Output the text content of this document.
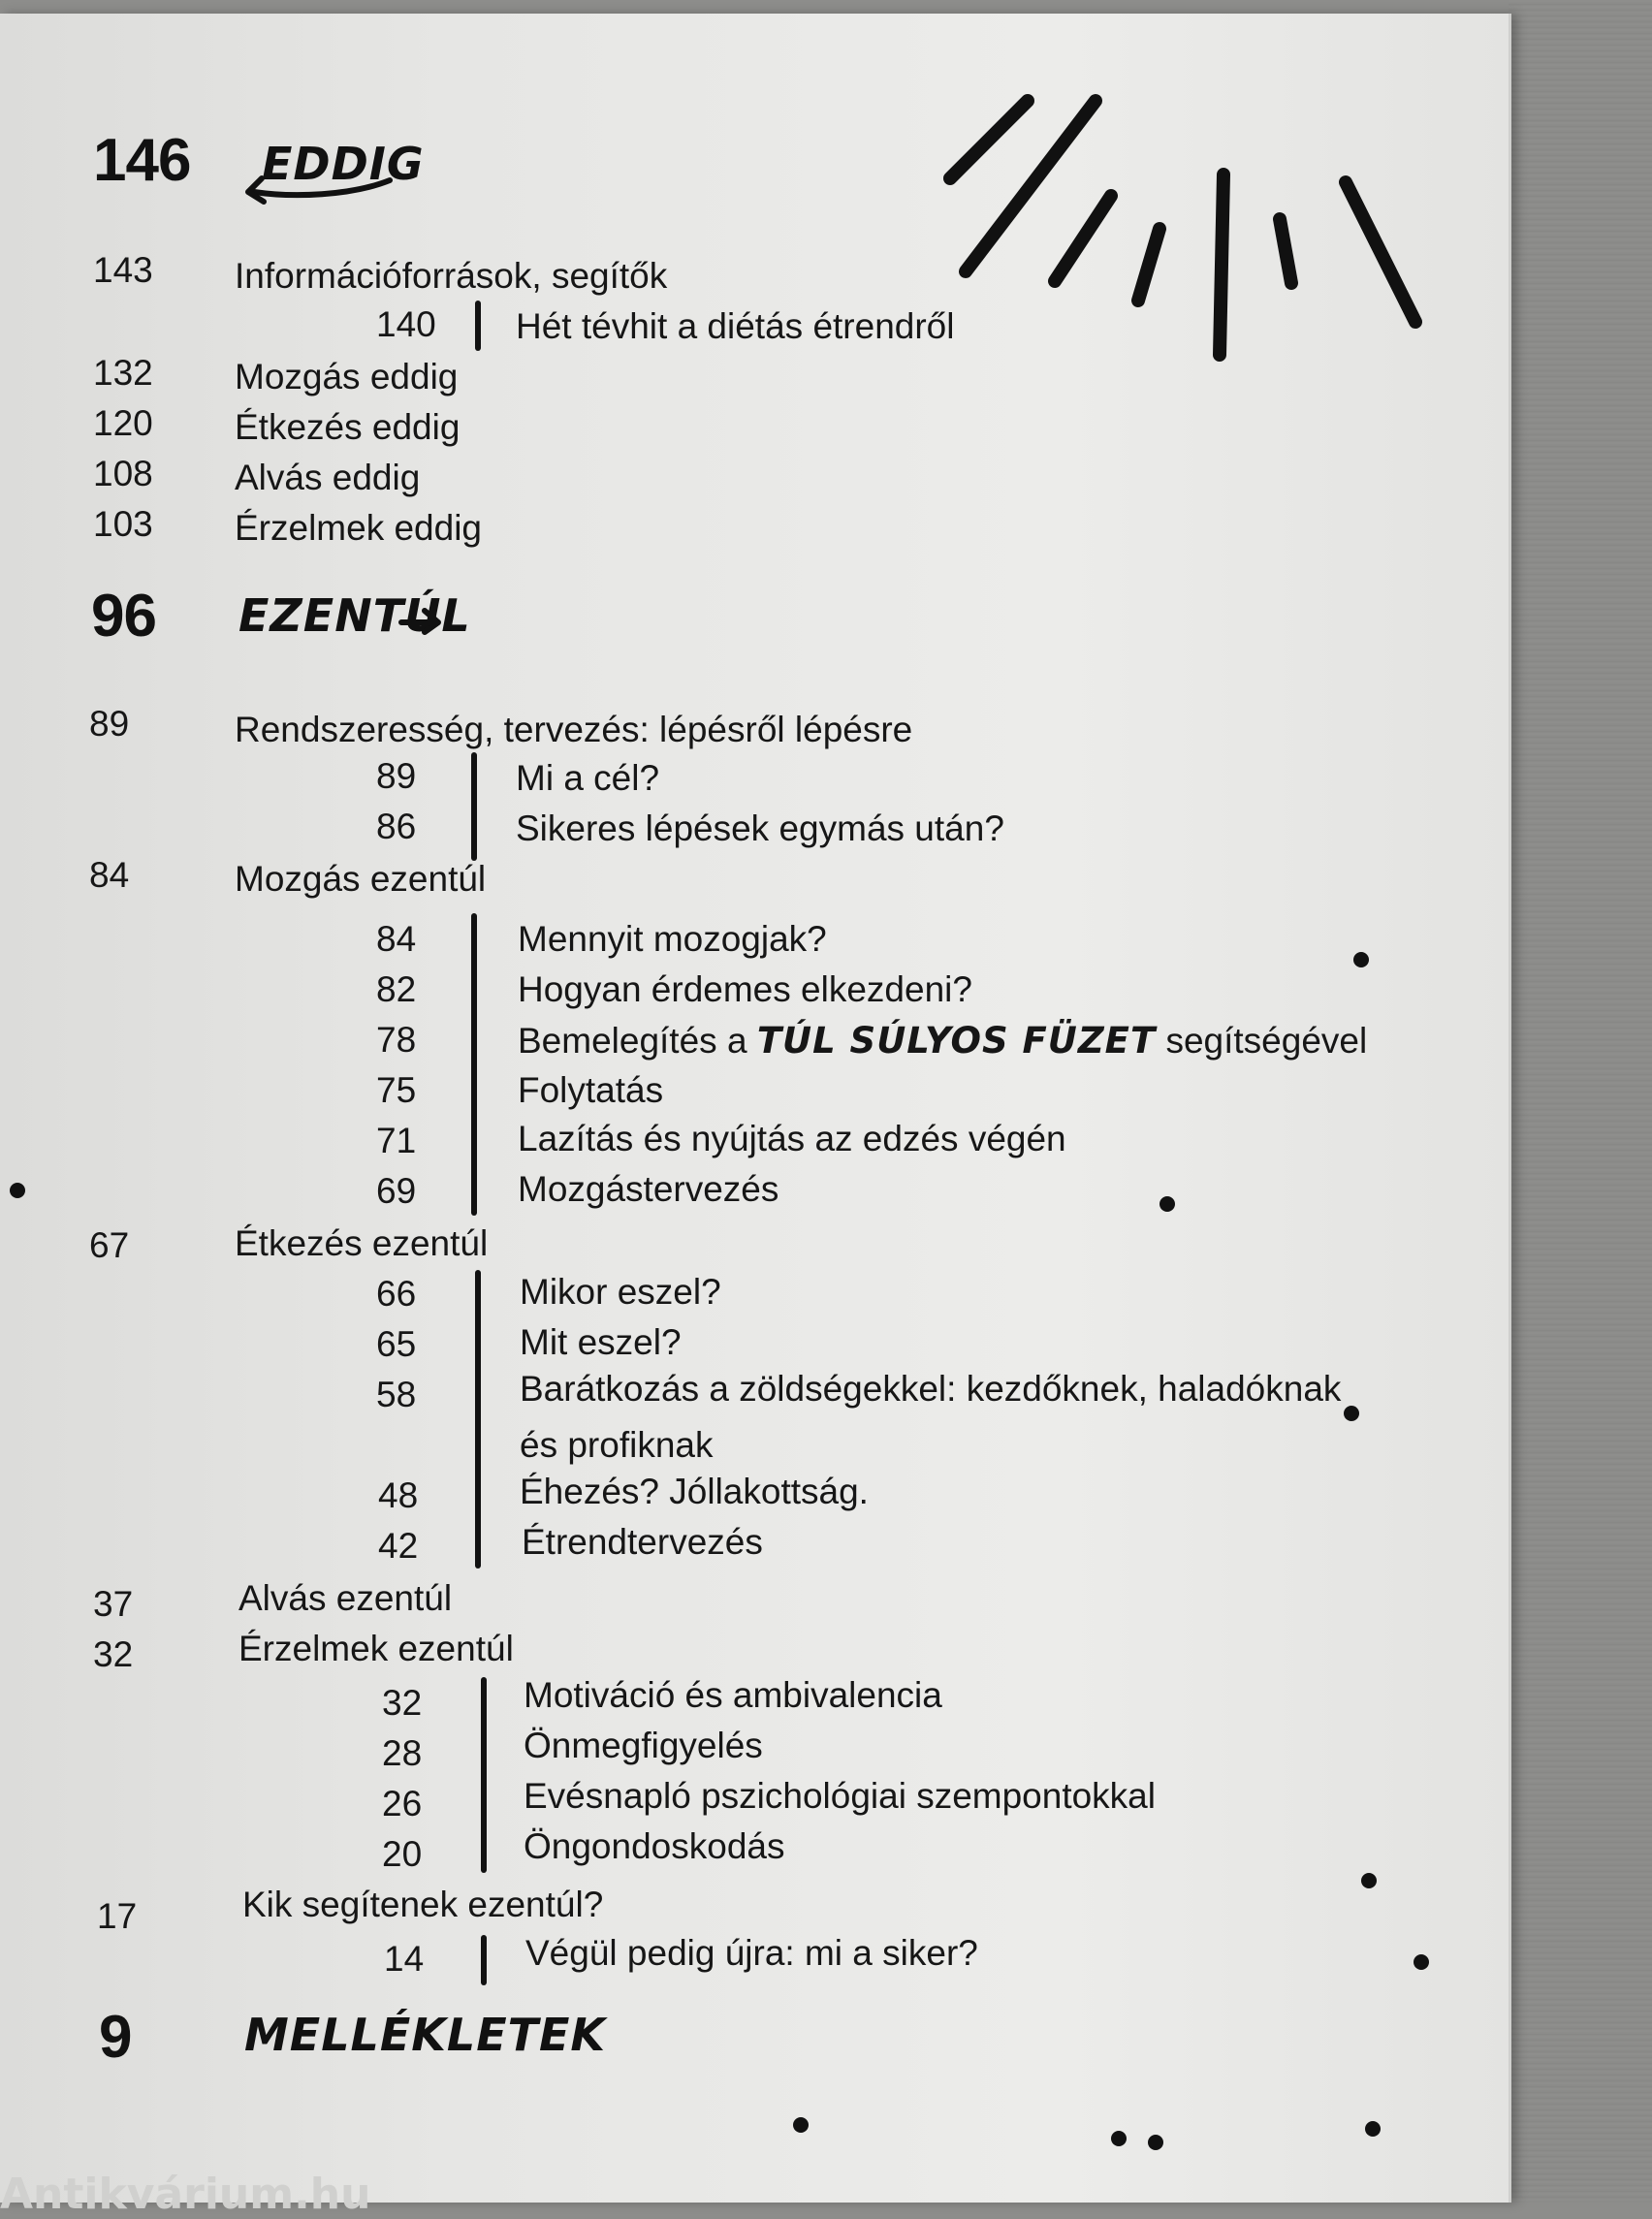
146 EDDIG
143 Információforrások, segítők
140 Hét tévhit a diétás étrendről
132 Mozgás eddig
120 Étkezés eddig
108 Alvás eddig
103 Érzelmek eddig
96 EZENTÚL
89	Rendszeresség, tervezés: lépésről lépésre
89	Mi a cél?
86	Sikeres lépések egymás után?
84	Mozgás ezentúl
84	Mennyit mozogjak?
82	Hogyan érdemes elkezdeni?
78	Bemelegítés a TÚL SÚLYOS FÜZET segítségével
75	Folytatás
71	Lazítás és nyújtás az edzés végén
69	Mozgástervezés
67	Étkezés ezentúl
66	Mikor eszel?
65	Mit eszel?
58	Barátkozás a zöldségekkel: kezdőknek, haladóknak
és profiknak
48	Éhezés? Jóllakottság.
42	Étrendtervezés
37	Alvás ezentúl
32	Érzelmek ezentúl
32	Motiváció és ambivalencia
28	Önmegfigyelés
26	Evésnapló pszichológiai szempontokkal
20	Öngondoskodás
17	Kik segítenek ezentúl?
14	Végül pedig újra: mi a siker?
9	MELLÉKLETEK
Antikvárium.hu
